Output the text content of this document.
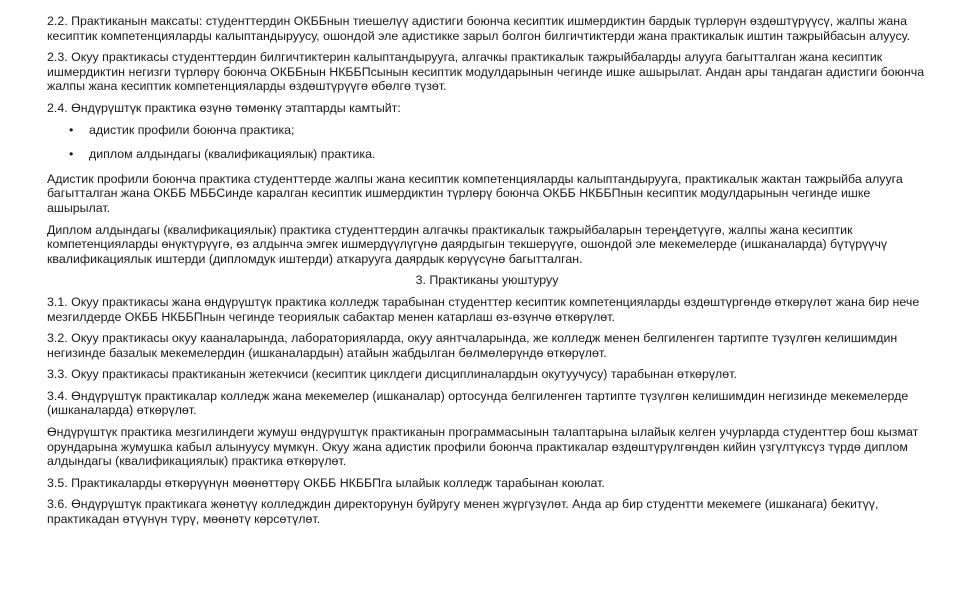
2.2. Практиканын максаты: студенттердин ОКББнын тиешелүү адистиги боюнча кесиптик ишмердиктин бардык түрлөрүн өздөштүрүүсү, жалпы жана кесиптик компетенцияларды калыптандыруусу, ошондой эле адистикке зарыл болгон билгичтиктерди жана практикалык иштин тажрыйбасын алуусу.

2.3. Окуу практикасы студенттердин билгичтиктерин калыптандырууга, алгачкы практикалык тажрыйбаларды алууга багытталган жана кесиптик ишмердиктин негизги түрлөрү боюнча ОКББнын НКББПсынын кесиптик модулдарынын чегинде ишке ашырылат. Андан ары тандаган адистиги боюнча жалпы жана кесиптик компетенцияларды өздөштүрүүгө өбөлгө түзөт.

2.4. Өндүрүштүк практика өзүнө төмөнкү этаптарды камтыйт:

• адистик профили боюнча практика;
• диплом алдындагы (квалификациялык) практика.

Адистик профили боюнча практика студенттерде жалпы жана кесиптик компетенцияларды калыптандырууга, практикалык жактан тажрыйба алууга багытталган жана ОКББ МББСинде каралган кесиптик ишмердиктин түрлөрү боюнча ОКББ НКББПнын кесиптик модулдарынын чегинде ишке ашырылат.

Диплом алдындагы (квалификациялык) практика студенттердин алгачкы практикалык тажрыйбаларын тереңдетүүгө, жалпы жана кесиптик компетенцияларды өнүктүрүүгө, өз алдынча эмгек ишмердүүлүгүнө даярдыгын текшерүүгө, ошондой эле мекемелерде (ишканаларда) бүтүрүүчү квалификациялык иштерди (дипломдук иштерди) аткарууга даярдык көрүүсүнө багытталган.

3. Практиканы уюштуруу

3.1. Окуу практикасы жана өндүрүштүк практика колледж тарабынан студенттер кесиптик компетенцияларды өздөштүргөндө өткөрүлөт жана бир нече мезгилдерде ОКББ НКББПнын чегинде теориялык сабактар менен катарлаш өз-өзүнчө өткөрүлөт.

3.2. Окуу практикасы окуу кааналарында, лабораторияларда, окуу аянтчаларында, же колледж менен белгиленген тартипте түзүлгөн келишимдин негизинде базалык мекемелердин (ишканалардын) атайын жабдылган бөлмөлөрүндө өткөрүлөт.

3.3. Окуу практикасы практиканын жетекчиси (кесиптик циклдеги дисциплиналардын окутуучусу) тарабынан өткөрүлөт.

3.4. Өндүрүштүк практикалар колледж жана мекемелер (ишканалар) ортосунда белгиленген тартипте түзүлгөн келишимдин негизинде мекемелерде (ишканаларда) өткөрүлөт.

Өндүрүштүк практика мезгилиндеги жумуш өндүрүштүк практиканын программасынын талаптарына ылайык келген учурларда студенттер бош кызмат орундарына жумушка кабыл алынуусу мүмкүн. Окуу жана адистик профили боюнча практикалар өздөштүрүлгөндөн кийин үзгүлтүксүз түрдө диплом алдындагы (квалификациялык) практика өткөрүлөт.

3.5. Практикаларды өткөрүүнүн мөөнөттөрү ОКББ НКББПга ылайык колледж тарабынан коюлат.

3.6. Өндүрүштүк практикага жөнөтүү колледждин директорунун буйругу менен жүргүзүлөт. Анда ар бир студентти мекемеге (ишканага) бекитүү, практикадан өтүүнүн түрү, мөөнөтү көрсөтүлөт.
